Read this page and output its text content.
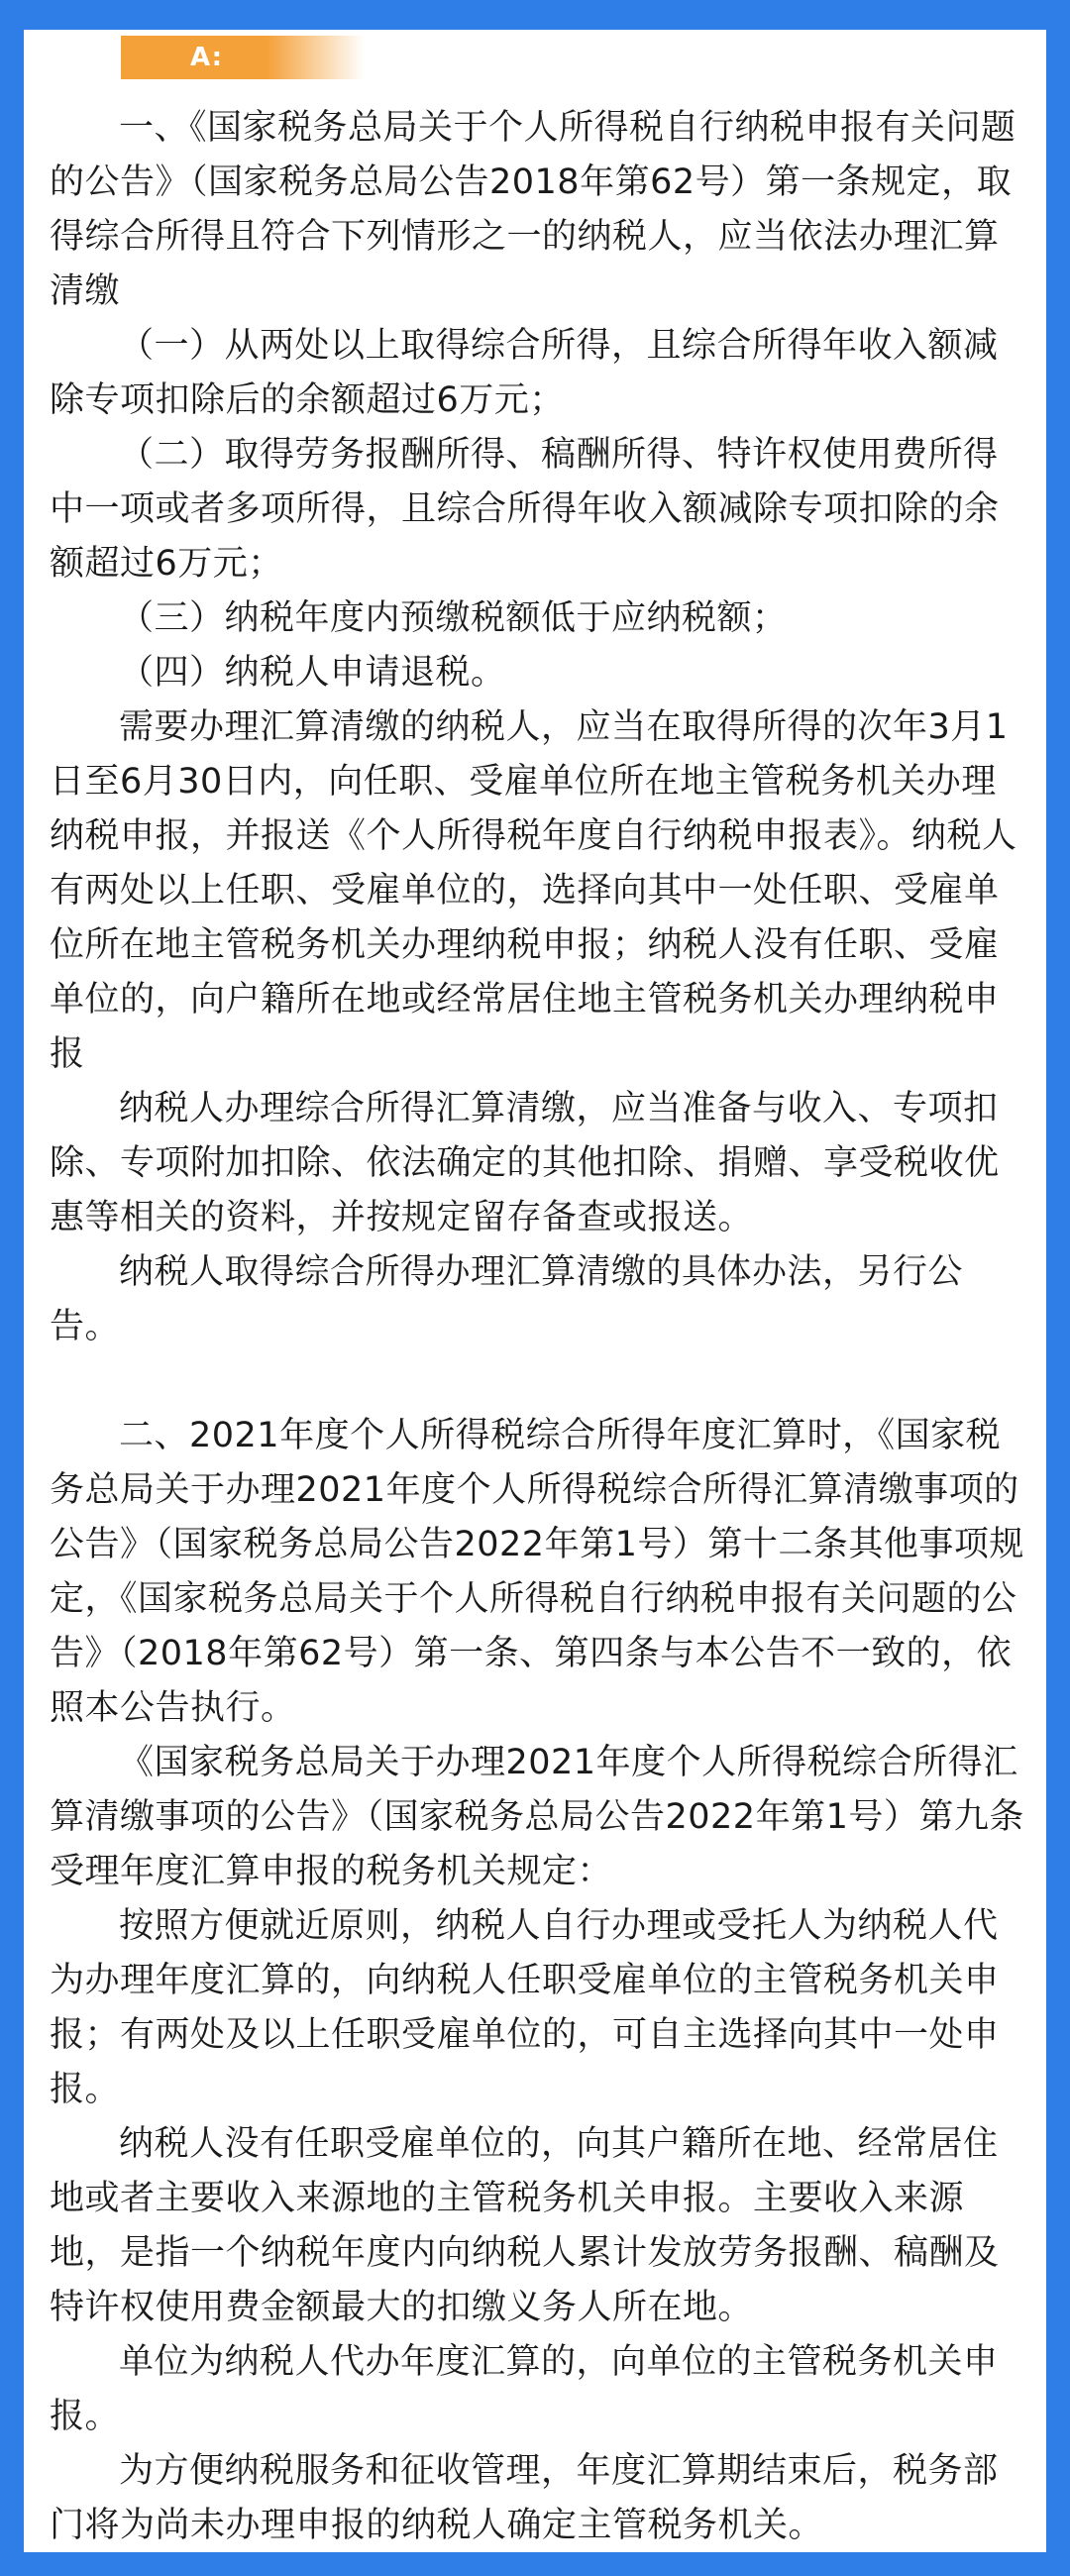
A:

一、《国家税务总局关于个人所得税自行纳税申报有关问题的公告》（国家税务总局公告2018年第62号）第一条规定，取得综合所得且符合下列情形之一的纳税人，应当依法办理汇算清缴

（一）从两处以上取得综合所得，且综合所得年收入额减除专项扣除后的余额超过6万元；

（二）取得劳务报酬所得、稿酬所得、特许权使用费所得中一项或者多项所得，且综合所得年收入额减除专项扣除的余额超过6万元；

（三）纳税年度内预缴税额低于应纳税额；

（四）纳税人申请退税。

需要办理汇算清缴的纳税人，应当在取得所得的次年3月1日至6月30日内，向任职、受雇单位所在地主管税务机关办理纳税申报，并报送《个人所得税年度自行纳税申报表》。纳税人有两处以上任职、受雇单位的，选择向其中一处任职、受雇单位所在地主管税务机关办理纳税申报；纳税人没有任职、受雇单位的，向户籍所在地或经常居住地主管税务机关办理纳税申报

纳税人办理综合所得汇算清缴，应当准备与收入、专项扣除、专项附加扣除、依法确定的其他扣除、捐赠、享受税收优惠等相关的资料，并按规定留存备查或报送。

纳税人取得综合所得办理汇算清缴的具体办法，另行公告。

二、2021年度个人所得税综合所得年度汇算时，《国家税务总局关于办理2021年度个人所得税综合所得汇算清缴事项的公告》（国家税务总局公告2022年第1号）第十二条其他事项规定，《国家税务总局关于个人所得税自行纳税申报有关问题的公告》（2018年第62号）第一条、第四条与本公告不一致的，依照本公告执行。

《国家税务总局关于办理2021年度个人所得税综合所得汇算清缴事项的公告》（国家税务总局公告2022年第1号）第九条受理年度汇算申报的税务机关规定：

按照方便就近原则，纳税人自行办理或受托人为纳税人代为办理年度汇算的，向纳税人任职受雇单位的主管税务机关申报；有两处及以上任职受雇单位的，可自主选择向其中一处申报。

纳税人没有任职受雇单位的，向其户籍所在地、经常居住地或者主要收入来源地的主管税务机关申报。主要收入来源地，是指一个纳税年度内向纳税人累计发放劳务报酬、稿酬及特许权使用费金额最大的扣缴义务人所在地。

单位为纳税人代办年度汇算的，向单位的主管税务机关申报。

为方便纳税服务和征收管理，年度汇算期结束后，税务部门将为尚未办理申报的纳税人确定主管税务机关。
